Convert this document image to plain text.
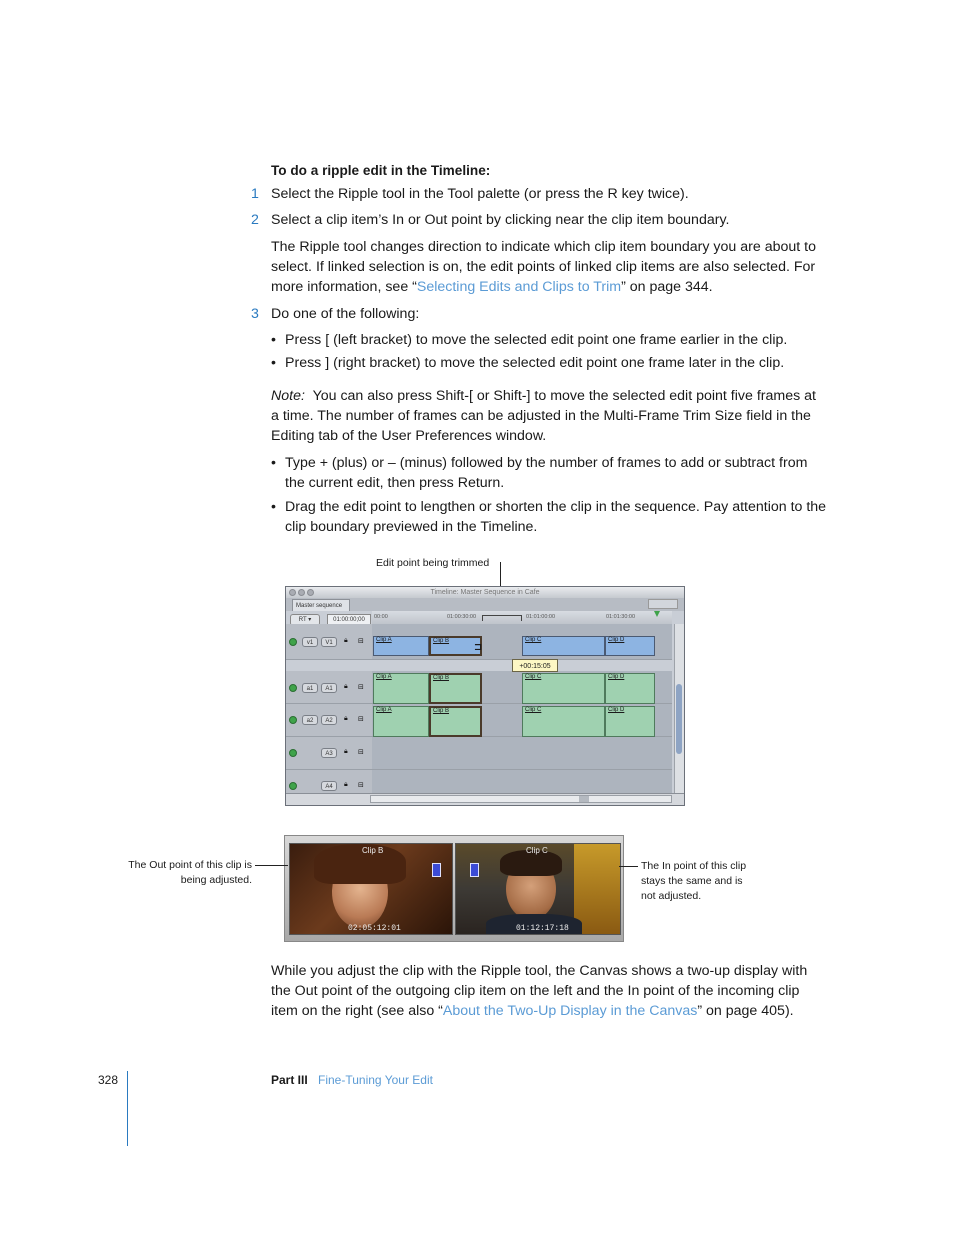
To do a ripple edit in the Timeline:
1 Select the Ripple tool in the Tool palette (or press the R key twice).
2 Select a clip item’s In or Out point by clicking near the clip item boundary.
The Ripple tool changes direction to indicate which clip item boundary you are about to select. If linked selection is on, the edit points of linked clip items are also selected. For more information, see “Selecting Edits and Clips to Trim” on page 344.
3 Do one of the following:
• Press [ (left bracket) to move the selected edit point one frame earlier in the clip.
• Press ] (right bracket) to move the selected edit point one frame later in the clip.
Note: You can also press Shift-[ or Shift-] to move the selected edit point five frames at a time. The number of frames can be adjusted in the Multi-Frame Trim Size field in the Editing tab of the User Preferences window.
• Type + (plus) or – (minus) followed by the number of frames to add or subtract from the current edit, then press Return.
• Drag the edit point to lengthen or shorten the clip in the sequence. Pay attention to the clip boundary previewed in the Timeline.
Edit point being trimmed
Timeline: Master Sequence in Cafe
Master sequence
RT ▾	01:00:00;00	00:00	01:00:30:00	01:01:00:00	01:01:30:00
v1	V1	🔒︎ ⊟	Clip A	Clip B	Clip C	Clip D
⊐
a1	A1	🔒︎ ⊟
Clip A	Clip B	Clip C	Clip D
a2	A2	🔒︎ ⊟
Clip A	Clip B	Clip C	Clip D
A3	🔒︎ ⊟
A4	🔒︎ ⊟
+00:15:05
Clip B
02:05:12:01
Clip C
01:12:17:18
The Out point of this clip is being adjusted.
The In point of this clip stays the same and is not adjusted.
While you adjust the clip with the Ripple tool, the Canvas shows a two-up display with the Out point of the outgoing clip item on the left and the In point of the incoming clip item on the right (see also “About the Two-Up Display in the Canvas” on page 405).
328	Part III Fine-Tuning Your Edit
